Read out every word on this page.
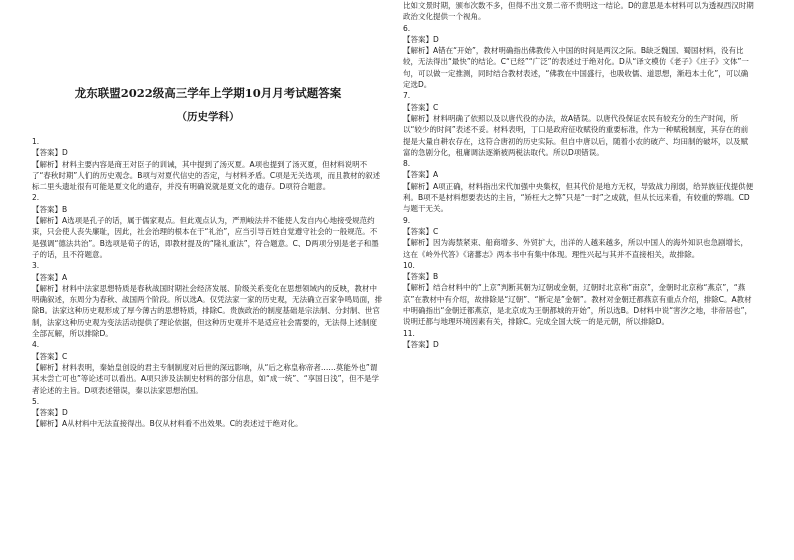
龙东联盟2022级高三学年上学期10月月考试题答案
（历史学科）
1.
【答案】D
【解析】材料主要内容是商王对臣子的训诫，其中提到了汤灭夏。A项也提到了汤灭夏，但材料说明不了“春秋时期”人们的历史观念。B项与对夏代信史的否定，与材料矛盾。C项是无关选项，而且教材的叙述标二里头遗址很有可能是夏文化的遗存，并没有明确说就是夏文化的遗存。D项符合题意。
2.
【答案】B
【解析】A选项是孔子的话，属于儒家观点。但此观点认为，严刑峻法并不能使人发自内心地接受规范约束，只会使人丧失廉耻，因此，社会治理的根本在于“礼治”，应当引导百姓自觉遵守社会的一般规范。不是强调“德法共治”。B选项是荀子的话，即教材提及的“隆礼重法”，符合题意。C、D两项分别是老子和墨子的话，且不符题意。
3.
【答案】A
【解析】材料中法家思想特质是春秋战国时期社会经济发展、阶级关系变化在思想领域内的反映，教材中明确叙述，东周分为春秋、战国两个阶段。所以选A。仅凭法家一家的历史观，无法确立百家争鸣局面，排除B。法家这种历史观形成了厚今薄古的思想特质，排除C。贵族政治的制度基础是宗法制、分封制、世官制，法家这种历史观为变法活动提供了理论依据，但这种历史观并不是适应社会需要的，无法得上述制度全部瓦解，所以排除D。
4.
【答案】C
【解析】材料表明，秦始皇创设的君主专制制度对后世的深远影响，从“后之称皇称帝者……莫能外也”谓其未尝亡可也”等论述可以看出。A项只涉及法制史材料的部分信息，如“成一统”、“享国日浅”，但不是学者论述的主旨。D项表述错误，秦以法家思想治国。
5.
【答案】D
【解析】A从材料中无法直接得出。B仅从材料看不出效果。C的表述过于绝对化。
比如文景时期，颁布次数不多，但得不出文景二帝不贵明这一结论。D的意思是本材料可以为透视西汉时期政治文化提供一个视角。
6.
【答案】D
【解析】A错在“开始”，教材明确指出佛教传入中国的时间是两汉之际。B缺乏魏国、蜀国材料，没有比较，无法得出“最快”的结论。C“已经”“广泛”的表述过于绝对化。D从“译文模仿《老子》《庄子》文体”一句，可以做一定推测，同时结合教材表述，“佛教在中国盛行，也吸收儒、道思想，渐趋本土化”，可以确定选D。
7.
【答案】C
【解析】材料明确了依照以及以唐代役的办法，故A错误。以唐代役保证农民有较充分的生产时间，所以“较少的时间”表述不妥。材料表明，丁口是政府征收赋役的重要标准，作为一种赋税制度，其存在的前提是大量自耕农存在，这符合唐初的历史实际。但自中唐以后，随着小农的破产、均田制的破坏，以及赋富的急剧分化，租庸调法逐渐被两税法取代。所以D项错误。
8.
【答案】A
【解析】A项正确，材料指出宋代加强中央集权，但其代价是地方无权，导致战力削弱，给异族征伐提供便利。B项不是材料想要表达的主旨，“矫枉大之弊”只是“一时”之成就，但从长远来看，有较重的弊端。CD与题干无关。
9.
【答案】C
【解析】因为海禁紧束、船商增多、外贸扩大，出洋的人越来越多，所以中国人的海外知识也急剧增长，这在《岭外代答》《诸蕃志》两本书中有集中体现。理性兴起与其并不直接相关，故排除。
10.
【答案】B
【解析】结合材料中的“上京”判断其朝为辽朝或金朝，辽朝时北京称“南京”，金朝时北京称“燕京”，“燕京”在教材中有介绍，故排除是“辽朝”、“断定是”金朝”。教材对金朝迁都燕京有重点介绍，排除C。A教材中明确指出“金朝迁都燕京，是北京成为王朝都城的开始”，所以选B。D材料中说“害汐之地，非帝居也”，说明迁都与地理环境因素有关，排除C。完成全国大统一的是元朝，所以排除D。
11.
【答案】D
